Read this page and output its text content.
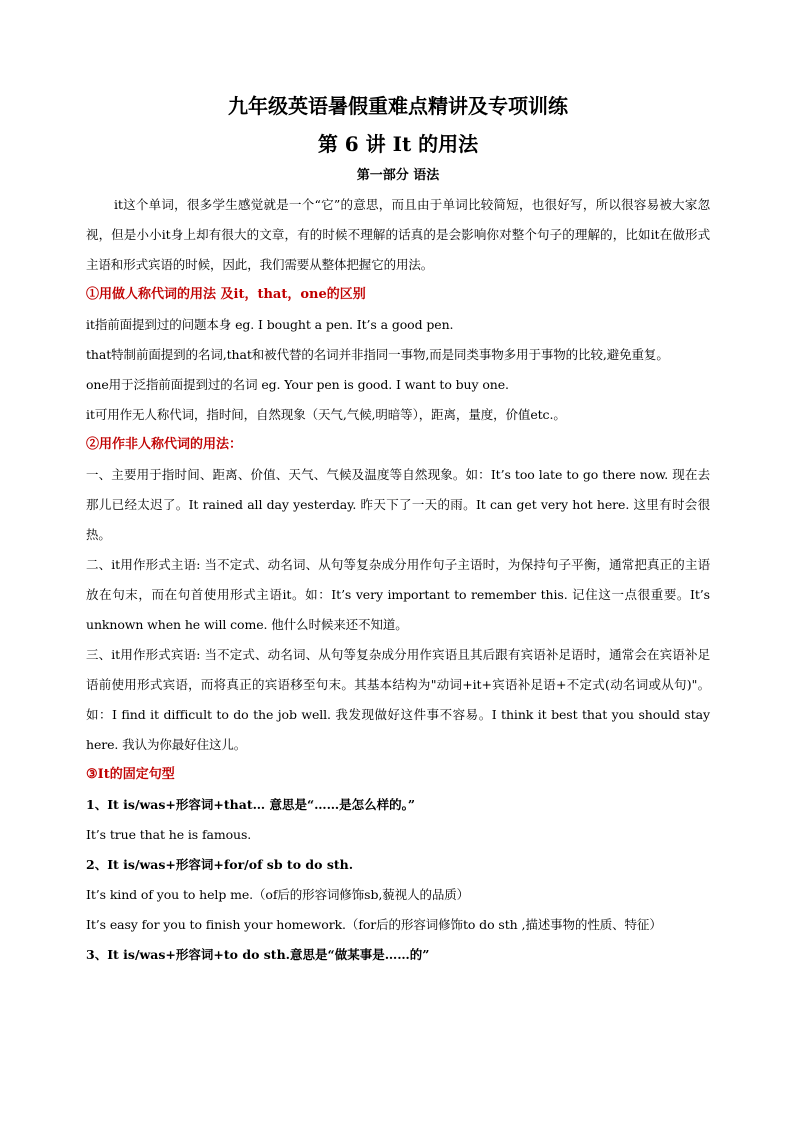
九年级英语暑假重难点精讲及专项训练
第 6 讲 It 的用法
第一部分 语法

it这个单词，很多学生感觉就是一个“它”的意思，而且由于单词比较简短，也很好写，所以很容易被大家忽视，但是小小it身上却有很大的文章，有的时候不理解的话真的是会影响你对整个句子的理解的，比如it在做形式主语和形式宾语的时候，因此，我们需要从整体把握它的用法。

①用做人称代词的用法 及it，that，one的区别

it指前面提到过的问题本身 eg. I bought a pen. It’s a good pen.

that特制前面提到的名词,that和被代替的名词并非指同一事物,而是同类事物多用于事物的比较,避免重复。

one用于泛指前面提到过的名词 eg. Your pen is good. I want to buy one.

it可用作无人称代词，指时间，自然现象（天气,气候,明暗等），距离，量度，价值etc.。

②用作非人称代词的用法：

一、主要用于指时间、距离、价值、天气、气候及温度等自然现象。如：It’s too late to go there now. 现在去那儿已经太迟了。It rained all day yesterday. 昨天下了一天的雨。It can get very hot here. 这里有时会很热。

二、it用作形式主语: 当不定式、动名词、从句等复杂成分用作句子主语时，为保持句子平衡，通常把真正的主语放在句末，而在句首使用形式主语it。如：It’s very important to remember this. 记住这一点很重要。It’s unknown when he will come. 他什么时候来还不知道。

三、it用作形式宾语: 当不定式、动名词、从句等复杂成分用作宾语且其后跟有宾语补足语时，通常会在宾语补足语前使用形式宾语，而将真正的宾语移至句末。其基本结构为"动词+it+宾语补足语+不定式(动名词或从句)"。如：I find it difficult to do the job well. 我发现做好这件事不容易。I think it best that you should stay here. 我认为你最好住这儿。

③It的固定句型

1、It is/was+形容词+that… 意思是“……是怎么样的。”

It’s true that he is famous.

2、It is/was+形容词+for/of sb to do sth.

It’s kind of you to help me.（of后的形容词修饰sb,藐视人的品质）

It’s easy for you to finish your homework.（for后的形容词修饰to do sth ,描述事物的性质、特征）

3、It is/was+形容词+to do sth.意思是“做某事是……的”
